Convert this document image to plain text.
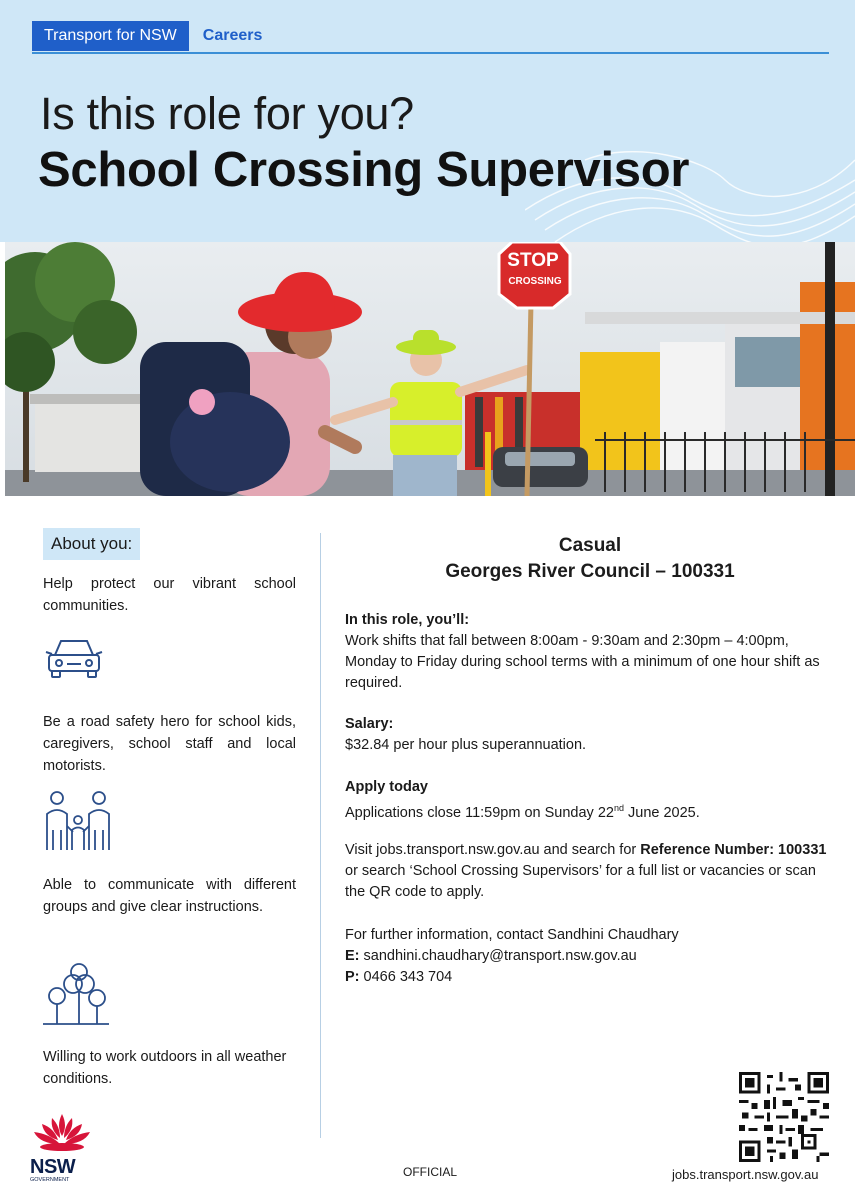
Transport for NSW	Careers
Is this role for you?
School Crossing Supervisor
STOP
CROSSING
About you:
Help protect our vibrant school communities.
Be a road safety hero for school kids, caregivers, school staff and local motorists.
Able to communicate with different groups and give clear instructions.
Willing to work outdoors in all weather conditions.
Casual
Georges River Council – 100331
In this role, you’ll:
Work shifts that fall between 8:00am - 9:30am and 2:30pm – 4:00pm, Monday to Friday during school terms with a minimum of one hour shift as required.
Salary:
$32.84 per hour plus superannuation.
Apply today
Applications close 11:59pm on Sunday 22nd June 2025.
Visit jobs.transport.nsw.gov.au and search for Reference Number: 100331 or search ‘School Crossing Supervisors’ for a full list or vacancies or scan the QR code to apply.
For further information, contact Sandhini Chaudhary
E: sandhini.chaudhary@transport.nsw.gov.au
P: 0466 343 704
NSW
GOVERNMENT
OFFICIAL	jobs.transport.nsw.gov.au
